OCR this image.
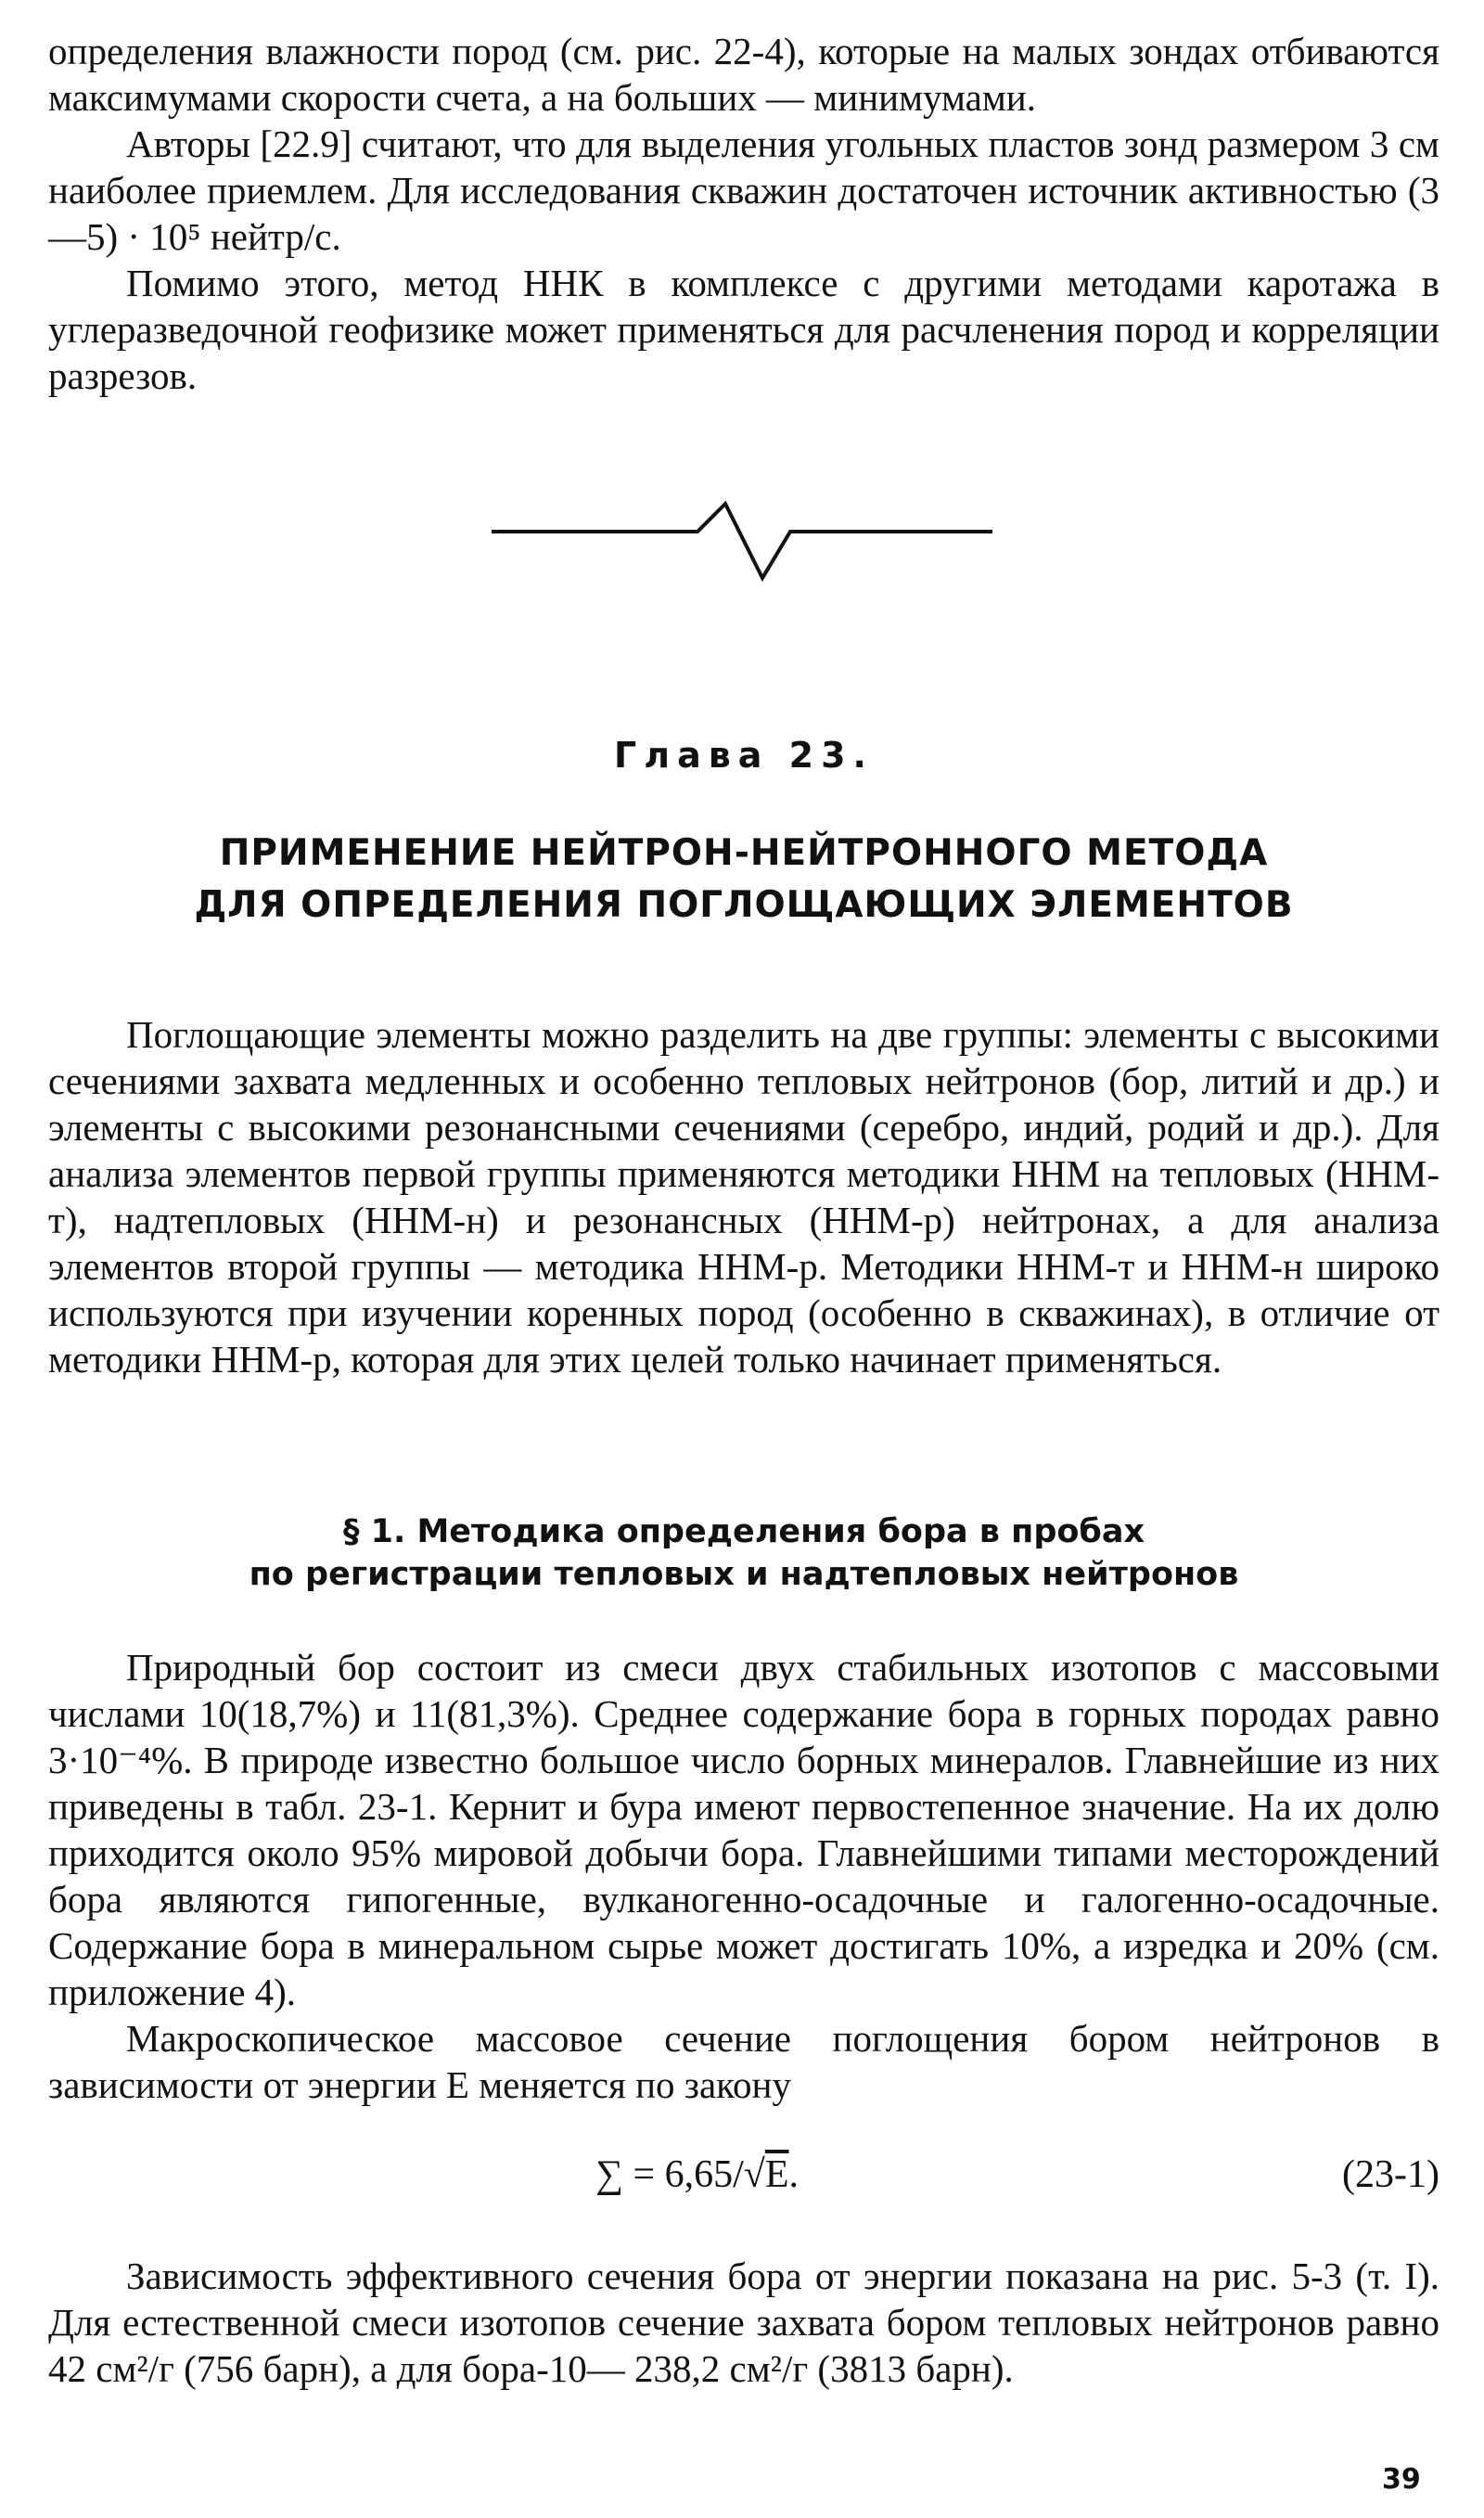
определения влажности пород (см. рис. 22-4), которые на малых зондах отбиваются максимумами скорости счета, а на больших — минимумами.

Авторы [22.9] считают, что для выделения угольных пластов зонд размером 3 см наиболее приемлем. Для исследования скважин достаточен источник активностью (3—5) · 10⁵ нейтр/с.

Помимо этого, метод ННК в комплексе с другими методами каротажа в углеразведочной геофизике может применяться для расчленения пород и корреляции разрезов.

Глава 23.
ПРИМЕНЕНИЕ НЕЙТРОН-НЕЙТРОННОГО МЕТОДА
ДЛЯ ОПРЕДЕЛЕНИЯ ПОГЛОЩАЮЩИХ ЭЛЕМЕНТОВ

Поглощающие элементы можно разделить на две группы: элементы с высокими сечениями захвата медленных и особенно тепловых нейтронов (бор, литий и др.) и элементы с высокими резонансными сечениями (серебро, индий, родий и др.). Для анализа элементов первой группы применяются методики ННМ на тепловых (ННМ-т), надтепловых (ННМ-н) и резонансных (ННМ-р) нейтронах, а для анализа элементов второй группы — методика ННМ-р. Методики ННМ-т и ННМ-н широко используются при изучении коренных пород (особенно в скважинах), в отличие от методики ННМ-р, которая для этих целей только начинает применяться.

§ 1. Методика определения бора в пробах
по регистрации тепловых и надтепловых нейтронов

Природный бор состоит из смеси двух стабильных изотопов с массовыми числами 10(18,7%) и 11(81,3%). Среднее содержание бора в горных породах равно 3·10⁻⁴%. В природе известно большое число борных минералов. Главнейшие из них приведены в табл. 23-1. Кернит и бура имеют первостепенное значение. На их долю приходится около 95% мировой добычи бора. Главнейшими типами месторождений бора являются гипогенные, вулканогенно-осадочные и галогенно-осадочные. Содержание бора в минеральном сырье может достигать 10%, а изредка и 20% (см. приложение 4).

Макроскопическое массовое сечение поглощения бором нейтронов в зависимости от энергии E меняется по закону

∑ = 6,65/√E.	(23-1)

Зависимость эффективного сечения бора от энергии показана на рис. 5-3 (т. I). Для естественной смеси изотопов сечение захвата бором тепловых нейтронов равно 42 см²/г (756 барн), а для бора-10— 238,2 см²/г (3813 барн).

39
